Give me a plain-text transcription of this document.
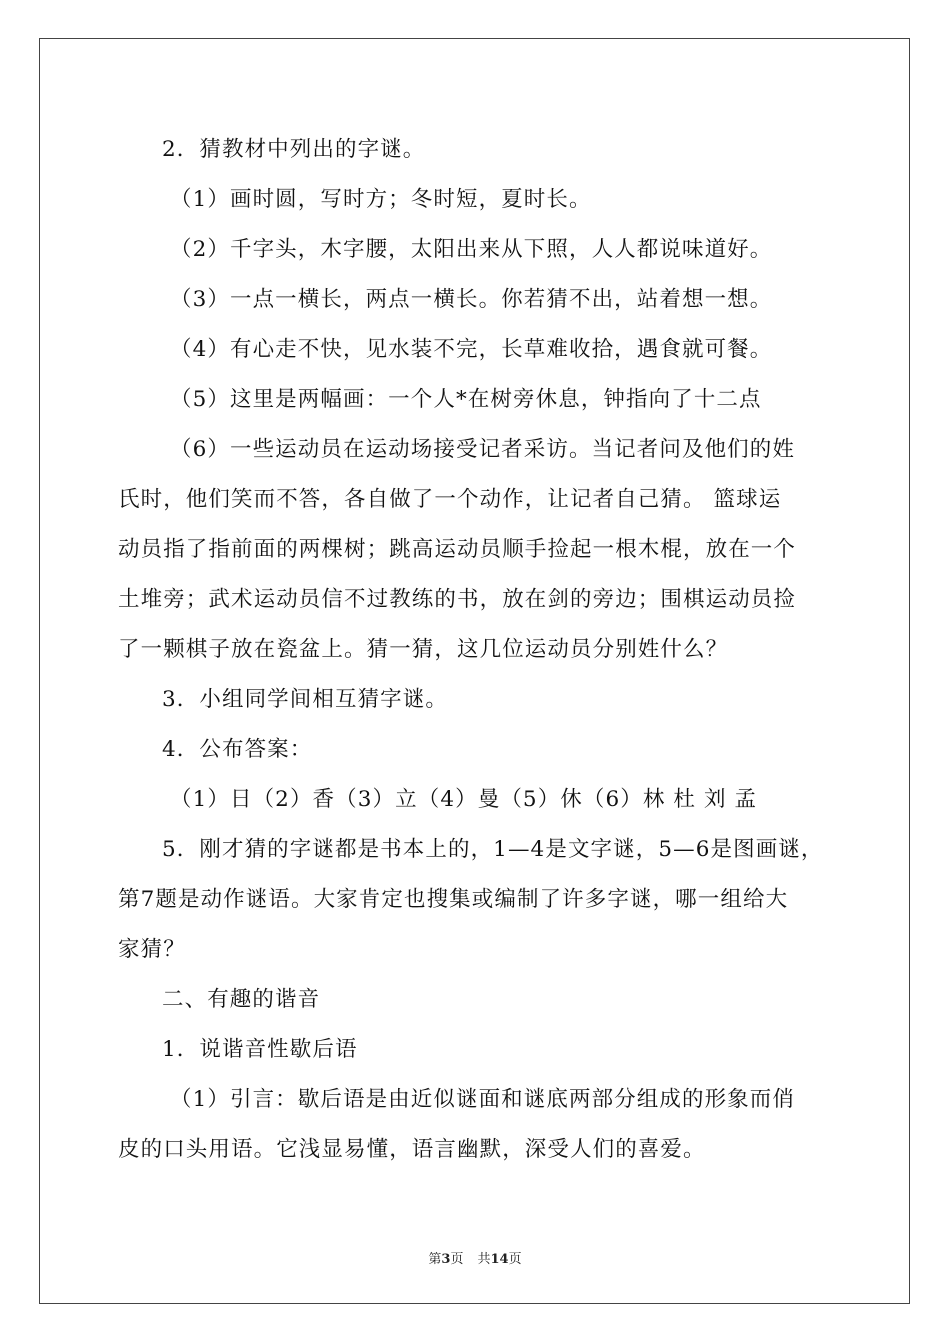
2．猜教材中列出的字谜。
（1）画时圆，写时方；冬时短，夏时长。
（2）千字头，木字腰，太阳出来从下照，人人都说味道好。
（3）一点一横长，两点一横长。你若猜不出，站着想一想。
（4）有心走不快，见水装不完，长草难收拾，遇食就可餐。
（5）这里是两幅画：一个人*在树旁休息，钟指向了十二点
（6）一些运动员在运动场接受记者采访。当记者问及他们的姓
氏时，他们笑而不答，各自做了一个动作，让记者自己猜。 篮球运
动员指了指前面的两棵树；跳高运动员顺手捡起一根木棍，放在一个
土堆旁；武术运动员信不过教练的书，放在剑的旁边；围棋运动员捡
了一颗棋子放在瓷盆上。猜一猜，这几位运动员分别姓什么？
3．小组同学间相互猜字谜。
4．公布答案：
（1）日（2）香（3）立（4）曼（5）休（6）林 杜 刘 孟
5．刚才猜的字谜都是书本上的，1—4是文字谜，5—6是图画谜，
第7题是动作谜语。大家肯定也搜集或编制了许多字谜，哪一组给大
家猜？
二、有趣的谐音
1．说谐音性歇后语
（1）引言：歇后语是由近似谜面和谜底两部分组成的形象而俏
皮的口头用语。它浅显易懂，语言幽默，深受人们的喜爱。
第3页 共14页
